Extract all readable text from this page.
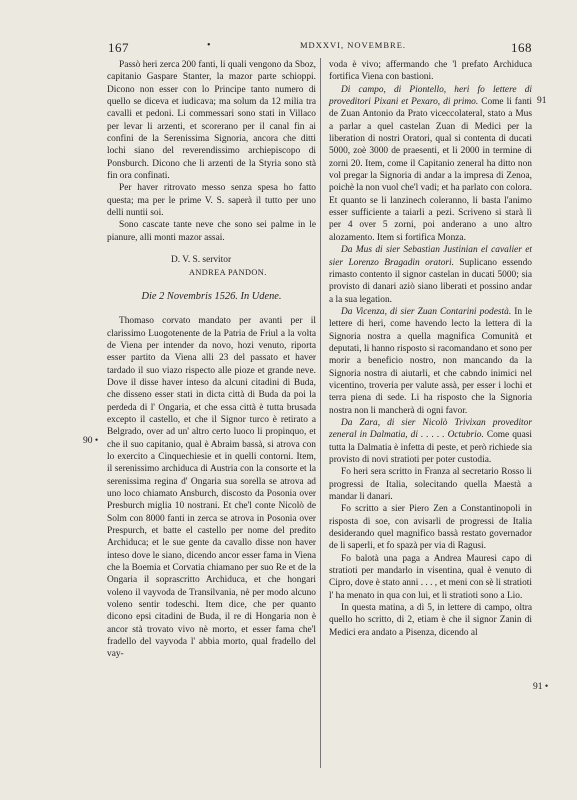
167	•	MDXXVI, NOVEMBRE.	168
90 •
91
91 •

Passò heri zerca 200 fanti, li quali vengono da Sboz, capitanio Gaspare Stanter, la mazor parte schioppi. Dicono non esser con lo Principe tanto numero di quello se diceva et iudicava; ma solum da 12 milia tra cavalli et pedoni. Li commessari sono stati in Villaco per levar li arzenti, et scoreranо per il canal fin ai confini de la Serenissima Signoria, ancora che ditti lochi siano del reverendissimo archiepiscopo di Ponsburch. Dicono che li arzenti de la Styria sono stà fin ora confinati.

Per haver ritrovato messo senza spesa ho fatto questa; ma per le prime V. S. saperà il tutto per uno delli nuntii soi.

Sono cascate tante neve che sono sei palme in le pianure, alli monti mazor assai.

D. V. S. servitor

ANDREA PANDON.

Die 2 Novembris 1526. In Udene.

Thomaso corvato mandato per avanti per il clarissimo Luogotenente de la Patria de Friul a la volta de Viena per intender da novo, hozi venuto, riporta esser partito da Viena alli 23 del passato et haver tardado il suo viazo rispecto alle pioze et grande neve. Dove il disse haver inteso da alcuni citadini di Buda, che disseno esser stati in dicta città di Buda da poi la perdeda di l' Ongaria, et che essa città è tutta brusada excepto il castello, et che il Signor turco è retirato a Belgrado, over ad un' altro certo luoco li propinquo, et che il suo capitanio, qual è Abraim bassà, si atrova con lo exercito a Cinquechiesie et in quelli contorni. Item, il serenissimo archiduca di Austria con la consorte et la serenissima regina d' Ongaria sua sorella se atrova ad uno loco chiamato Ansburch, discosto da Posonia over Presburch miglia 10 nostrani. Et che'l conte Nicolò de Solm con 8000 fanti in zerca se atrova in Posonia over Prespurch, et batte el castello per nome del predito Archiduca; et le sue gente da cavallo disse non haver inteso dove le siano, dicendo ancor esser fama in Viena che la Boemia et Corvatia chiamano per suo Re et de la Ongaria il soprascritto Archiduca, et che hongari voleno il vayvoda de Transilvania, nè per modo alcuno voleno sentir todeschi. Item dice, che per quanto dicono epsi citadini de Buda, il re di Hongaria non è ancor stà trovato vivo nè morto, et esser fama che'l fradello del vayvoda l' abbia morto, qual fradello del vay-

voda è vivo; affermando che 'l prefato Archiduca fortifica Viena con bastioni.

Di campo, di Piontello, heri fo lettere di proveditori Pixani et Pexaro, di primo. Come li fanti de Zuan Antonio da Prato viceccolateral, stato a Mus a parlar a quel castelan Zuan di Medici per la liberation di nostri Oratori, qual si contenta di ducati 5000, zoè 3000 de praesenti, et li 2000 in termine di zorni 20. Item, come il Capitanio zenеral ha ditto non vol pregar la Signoria di andar a la impresa di Zenoa, poichè la non vuol che'l vadi; et ha parlato con colora. Et quanto se li lanzinech coleranno, li basta l'animo esser sufficiente a taiarli a pezi. Scriveno si starà lì per 4 over 5 zorni, poi anderano a uno altro alozamento. Item si fortifica Monza.

Da Mus di sier Sebastian Justinian el cavalier et sier Lorenzo Bragadin oratori. Suplicano essendo rimasto contento il signor castelan in ducati 5000; sia provisto di danari aziò siano liberati et possino andar a la sua legation.

Da Vicenza, di sier Zuan Contarini podestà. In le lettere di heri, come havendo lecto la lettera di la Signoria nostra a quella magnifica Comunità et deputati, li hanno risposto si racomandano et sono per morir a beneficio nostro, non mancando da la Signoria nostra di aiutarli, et che cabndo inimici nel vicentino, troveria per valute assà, per esser i lochi et terra piena di sede. Li ha risposto che la Signoria nostra non li mancherà di ogni favor.

Da Zara, di sier Nicolò Trivixan proveditor zeneral in Dalmatia, di . . . . . Octubrio. Come quasi tutta la Dalmatia è infetta di peste, et però richiede sia provisto di novi stratioti per poter custodia.

Fo heri sera scritto in Franza al secretario Rosso li progressi de Italia, solecitando quella Maestà a mandar li danari.

Fo scritto a sier Piero Zen a Constantinopoli in risposta di soe, con avisarli de progressi de Italia desiderando quel magnifico bassà restato governador de li saperli, et fo spazà per via di Ragusi.

Fo balotà una paga a Andrea Mauresi capo di stratioti per mandarlo in visentina, qual è venuto di Cipro, dove è stato anni . . . , et meni con sè li stratioti l' ha menato in qua con lui, et li stratioti sono a Lio.

In questa matina, a dì 5, in lettere di campo, oltra quello ho scritto, di 2, etiam è che il signor Zanin di Medici era andato a Pisenza, dicendo al
